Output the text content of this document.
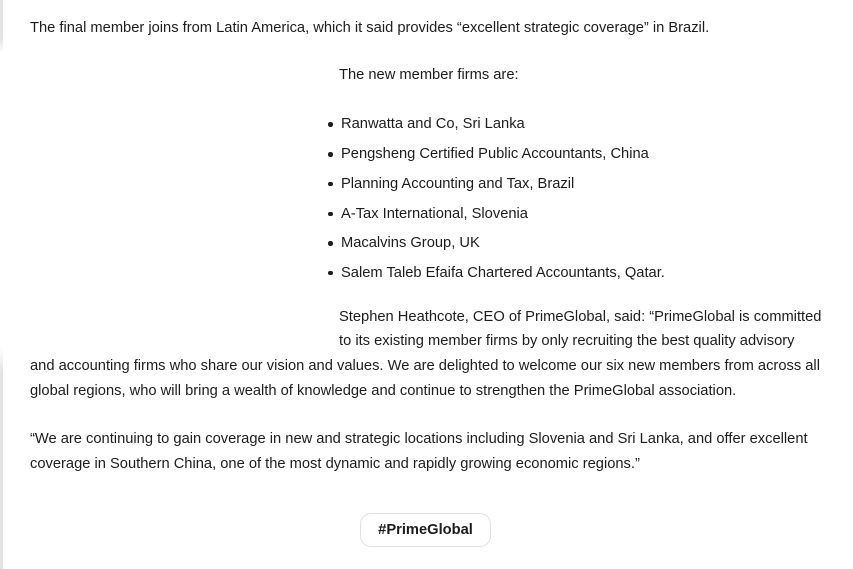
The final member joins from Latin America, which it said provides “excellent strategic coverage” in Brazil.

The new member firms are:

Ranwatta and Co, Sri Lanka
Pengsheng Certified Public Accountants, China
Planning Accounting and Tax, Brazil
A-Tax International, Slovenia
Macalvins Group, UK
Salem Taleb Efaifa Chartered Accountants, Qatar.
Stephen Heathcote, CEO of PrimeGlobal, said: “PrimeGlobal is committed
to its existing member firms by only recruiting the best quality advisory
and accounting firms who share our vision and values. We are delighted to welcome our six new members from across all
global regions, who will bring a wealth of knowledge and continue to strengthen the PrimeGlobal association.
“We are continuing to gain coverage in new and strategic locations including Slovenia and Sri Lanka, and offer excellent
coverage in Southern China, one of the most dynamic and rapidly growing economic regions.”
#PrimeGlobal
